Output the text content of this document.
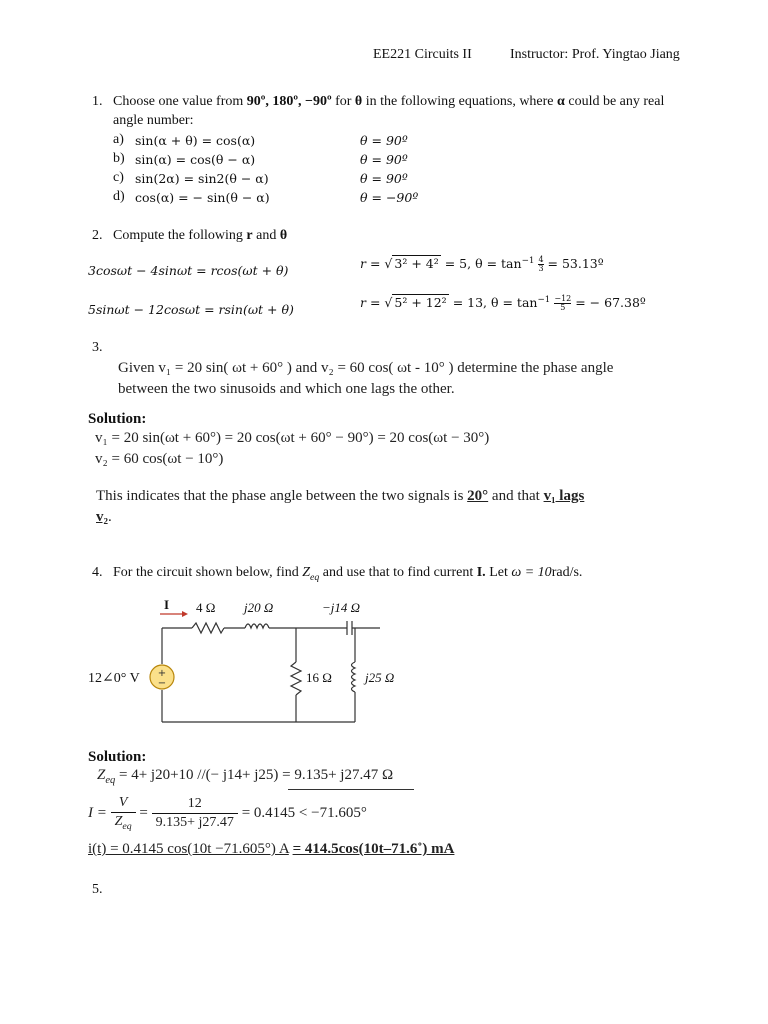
EE221 Circuits II	Instructor: Prof. Yingtao Jiang
1. Choose one value from 90º, 180º, −90º for θ in the following equations, where α could be any real
angle number:
a) sin(α + θ) = cos(α)	θ = 90º
b) sin(α) = cos(θ − α)	θ = 90º
c) sin(2α) = sin2(θ − α)	θ = 90º
d) cos(α) = − sin(θ − α)	θ = −90º
2. Compute the following r and θ
3cosωt − 4sinωt = rcos(ωt + θ)	r = √ 3² + 4² = 5, $\theta = \tan^{-1} \frac{4}{3}$ = 53.13º
5sinωt − 12cosωt = rsin(ωt + θ)	r = √ 5² + 12² = 13, $\theta = \tan^{-1} \frac{-12}{5}$ = − 67.38º
3.
Given v₁ = 20 sin( ωt + 60° ) and v₂ = 60 cos( ωt - 10° ) determine the phase angle
between the two sinusoids and which one lags the other.
Solution:
v₁ = 20 sin(ωt + 60°) = 20 cos(ωt + 60° − 90°) = 20 cos(ωt − 30°)
v₂ = 60 cos(ωt − 10°)
This indicates that the phase angle between the two signals is 20° and that v₁ lags
v₂.
4. For the circuit shown below, find $Z_{eq}$ and use that to find current I. Let ω = 10rad/s.
+
−
I 4 Ω j20 Ω	−j14 Ω
16 Ω	j25 Ω
12∠0° V
Solution:
$Z_{eq} = 4+ j20+10$ //(− j14+ j25) = 9.135+ j27.47 Ω
$I = \frac{V}{Z_{eq}} = \frac{12}{9.135+ j27.47} = 0.4145 < -71.605^\circ$
i(t) = 0.4145 cos(10t −71.605°) A = 414.5cos(10t–71.6˚) mA
5.
